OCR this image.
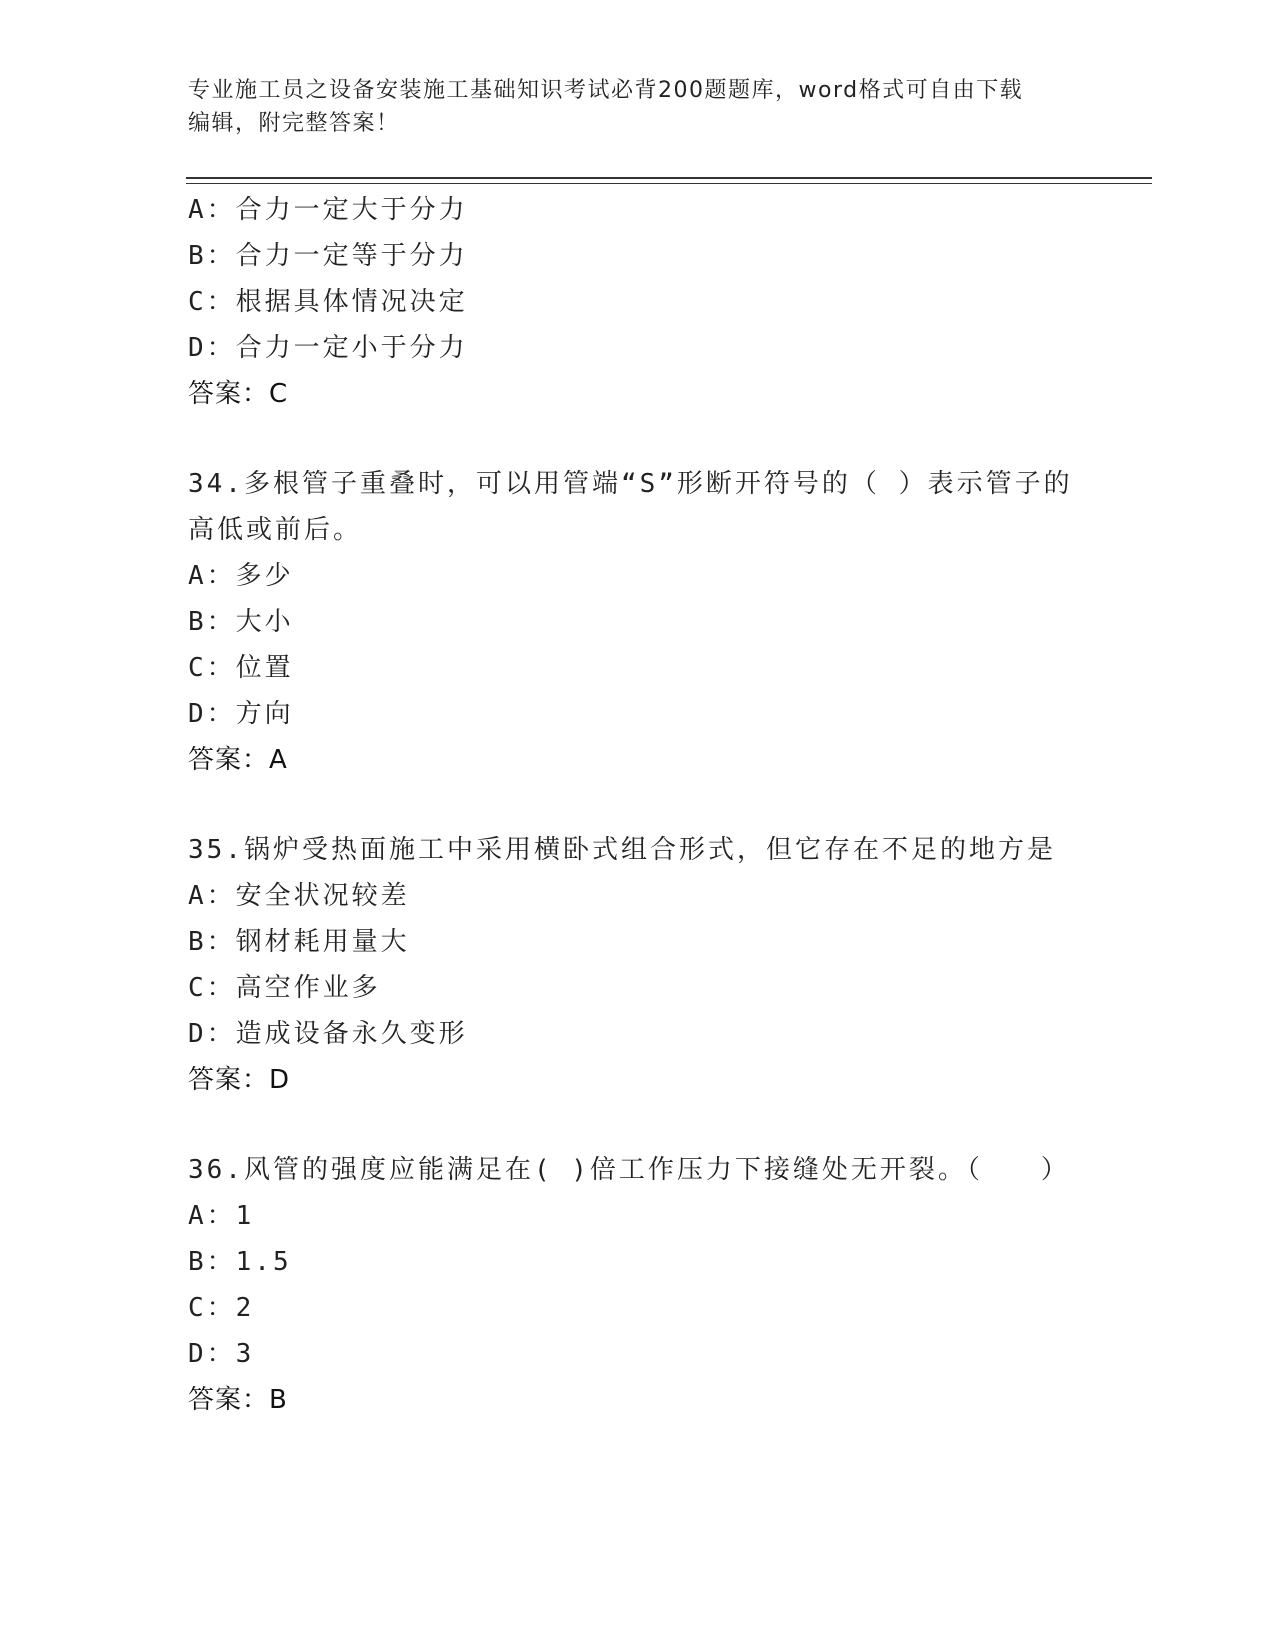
专业施工员之设备安装施工基础知识考试必背200题题库，word格式可自由下载
编辑，附完整答案！
A：合力一定大于分力
B：合力一定等于分力
C：根据具体情况决定
D：合力一定小于分力
答案：C
34.多根管子重叠时，可以用管端“S”形断开符号的（ ）表示管子的
高低或前后。
A：多少
B：大小
C：位置
D：方向
答案：A
35.锅炉受热面施工中采用横卧式组合形式，但它存在不足的地方是
A：安全状况较差
B：钢材耗用量大
C：高空作业多
D：造成设备永久变形
答案：D
36.风管的强度应能满足在( )倍工作压力下接缝处无开裂。（　　）
A：1
B：1.5
C：2
D：3
答案：B
